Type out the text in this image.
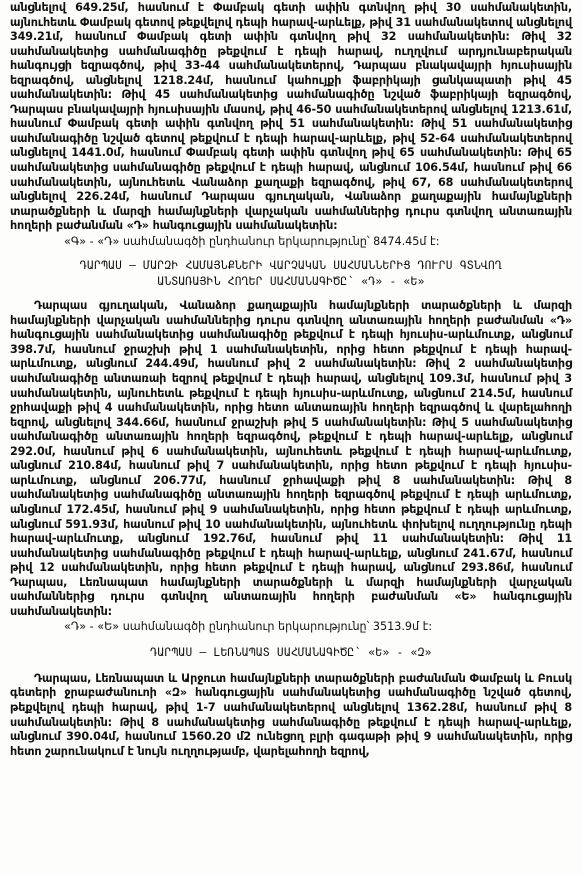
անցնելով 649.25մ, հասնում է Փամբակ գետի ափին գտնվող թիվ 30 սահմանակետին, այնուհետև Փամբակ գետով թեքվելով դեպի հարավ-արևելք, թիվ 31 սահմանակետով անցնելով 349.21մ, հասնում Փամբակ գետի ափին գտնվող թիվ 32 սահմանակետին: Թիվ 32 սահմանակետից սահմանագիծը թեքվում է դեպի հարավ, ուղղվում արդյունաբերական հանգույցի եզրագծով, թիվ 33-44 սահմանակետերով, Դարպաս բնակավայրի հյուսիսային եզրագծով, անցնելով 1218.24մ, հասնում կահույքի ֆաբրիկայի ցանկապատի թիվ 45 սահմանակետին: Թիվ 45 սահմանակետից սահմանագիծը նշված ֆաբրիկայի եզրագծով, Դարպաս բնակավայրի հյուսիսային մասով, թիվ 46-50 սահմանակետերով անցնելով 1213.61մ, հասնում Փամբակ գետի ափին գտնվող թիվ 51 սահմանակետին: Թիվ 51 սահմանակետից սահմանագիծը նշված գետով թեքվում է դեպի հարավ-արևելք, թիվ 52-64 սահմանակետերով անցնելով 1441.0մ, հասնում Փամբակ գետի ափին գտնվող թիվ 65 սահմանակետին: Թիվ 65 սահմանակետից սահմանագիծը թեքվում է դեպի հարավ, անցնում 106.54մ, հասնում թիվ 66 սահմանակետին, այնուհետև Վանաձոր քաղաքի եզրագծով, թիվ 67, 68 սահմանակետերով անցնելով 226.24մ, հասնում Դարպաս գյուղական, Վանաձոր քաղաքային համայնքների տարածքների և մարզի համայնքների վարչական սահմաններից դուրս գտնվող անտառային հողերի բաժանման «Դ» հանգուցային սահմանակետին:

«Գ» - «Դ» սահմանագծի ընդհանուր երկարությունը՝ 8474.45մ է:

ԴԱՐՊԱՍ – ՄԱՐԶԻ ՀԱՄԱՅՆՔՆԵՐԻ ՎԱՐՉԱԿԱՆ ՍԱՀՄԱՆՆԵՐԻՑ ԴՈՒՐՍ ԳՏՆՎՈՂ
ԱՆՏԱՌԱՅԻՆ ՀՈՂԵՐ ՍԱՀՄԱՆԱԳԻԾԸ՝ «Դ» - «Ե»

Դարպաս գյուղական, Վանաձոր քաղաքային համայնքների տարածքների և մարզի համայնքների վարչական սահմաններից դուրս գտնվող անտառային հողերի բաժանման «Դ» հանգուցային սահմանակետից սահմանագիծը թեքվում է դեպի հյուսիս-արևմուտք, անցնում 398.7մ, հասնում ջրաշխի թիվ 1 սահմանակետին, որից հետո թեքվում է դեպի հարավ-արևմուտք, անցնում 244.49մ, հասնում թիվ 2 սահմանակետին: Թիվ 2 սահմանակետից սահմանագիծը անտառաի եզրով թեքվում է դեպի հարավ, անցնելով 109.3մ, հասնում թիվ 3 սահմանակետին, այնուհետև թեքվում է դեպի հյուսիս-արևմուտք, անցնում 214.5մ, հասնում ջրհավաքի թիվ 4 սահմանակետին, որից հետո անտառային հողերի եզրագծով և վարելահողի եզրով, անցնելով 344.66մ, հասնում ջրաշխի թիվ 5 սահմանակետին: Թիվ 5 սահմանակետից սահմանագիծը անտառային հողերի եզրագծով, թեքվում է դեպի հարավ-արևելք, անցնում 292.0մ, հասնում թիվ 6 սահմանակետին, այնուհետև թեքվում է դեպի հարավ-արևմուտք, անցնում 210.84մ, հասնում թիվ 7 սահմանակետին, որից հետո թեքվում է դեպի հյուսիս-արևմուտք, անցնում 206.77մ, հասնում ջրհավաքի թիվ 8 սահմանակետին: Թիվ 8 սահմանակետից սահմանագիծը անտառային հողերի եզրագծով թեքվում է դեպի արևմուտք, անցնում 172.45մ, հասնում թիվ 9 սահմանակետին, որից հետո թեքվում է դեպի արևմուտք, անցնում 591.93մ, հասնում թիվ 10 սահմանակետին, այնուհետև փոխելով ուղղությունը դեպի հարավ-արևմուտք, անցնում 192.76մ, հասնում թիվ 11 սահմանակետին: Թիվ 11 սահմանակետից սահմանագիծը թեքվում է դեպի հարավ-արևելք, անցնում 241.67մ, հասնում թիվ 12 սահմանակետին, որից հետո թեքվում է դեպի հարավ, անցնում 293.86մ, հասնում Դարպաս, Լեռնապատ համայնքների տարածքների և մարզի համայնքների վարչական սահմաններից դուրս գտնվող անտառային հողերի բաժանման «Ե» հանգուցային սահմանակետին:

«Դ» - «Ե» սահմանագծի ընդհանուր երկարությունը՝ 3513.9մ է:

ԴԱՐՊԱՍ – ԼԵՌՆԱՊԱՏ ՍԱՀՄԱՆԱԳԻԾԸ՝ «Ե» - «Զ»

Դարպաս, Լեռնապատ և Արջուտ համայնքների տարածքների բաժանման Փամբակ և Բուսկ գետերի ջրաբաժանուոի «Զ» հանգուցային սահմանակետից սահմանագիծը նշված գետով, թեքվելով դեպի հարավ, թիվ 1-7 սահմանակետերով անցնելով 1362.28մ, հասնում թիվ 8 սահմանակետին: Թիվ 8 սահմանակետից սահմանագիծը թեքվում է դեպի հարավ-արևելք, անցնում 390.04մ, հասնում 1560.20 մ2 ունեցող բլրի գագաթի թիվ 9 սահմանակետին, որից հետո շարունակում է նույն ուղղությամբ, վարելահողի եզրով,
